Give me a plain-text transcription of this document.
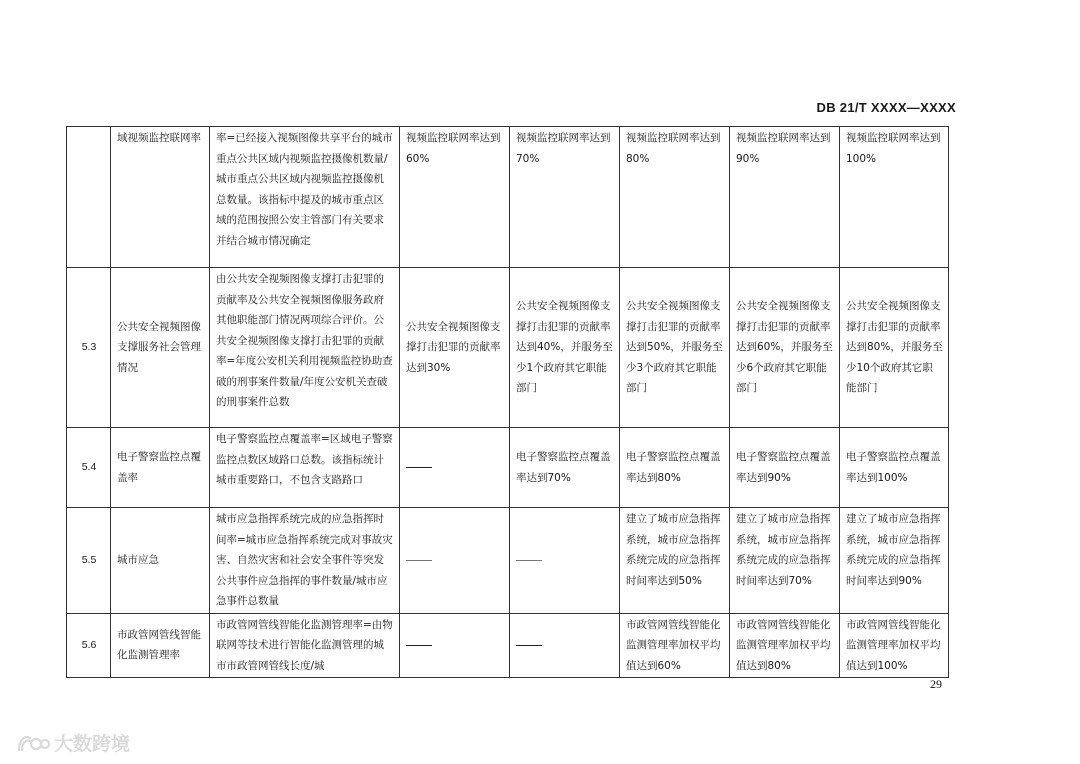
DB 21/T XXXX—XXXX
	域视频监控联网率	率=已经接入视频图像共享平台的城市重点公共区域内视频监控摄像机数量/城市重点公共区域内视频监控摄像机总数量。该指标中提及的城市重点区域的范围按照公安主管部门有关要求并结合城市情况确定	视频监控联网率达到60%	视频监控联网率达到70%	视频监控联网率达到80%	视频监控联网率达到90%	视频监控联网率达到100%
5.3	公共安全视频图像支撑服务社会管理情况	由公共安全视频图像支撑打击犯罪的贡献率及公共安全视频图像服务政府其他职能部门情况两项综合评价。公共安全视频图像支撑打击犯罪的贡献率=年度公安机关利用视频监控协助查破的刑事案件数量/年度公安机关查破的刑事案件总数	公共安全视频图像支撑打击犯罪的贡献率达到30%	公共安全视频图像支撑打击犯罪的贡献率达到40%，并服务至少1个政府其它职能部门	公共安全视频图像支撑打击犯罪的贡献率达到50%，并服务至少3个政府其它职能部门	公共安全视频图像支撑打击犯罪的贡献率达到60%，并服务至少6个政府其它职能部门	公共安全视频图像支撑打击犯罪的贡献率达到80%，并服务至少10个政府其它职能部门
5.4	电子警察监控点覆盖率	电子警察监控点覆盖率=区域电子警察监控点数区域路口总数。该指标统计城市重要路口，不包含支路路口		电子警察监控点覆盖率达到70%	电子警察监控点覆盖率达到80%	电子警察监控点覆盖率达到90%	电子警察监控点覆盖率达到100%
5.5	城市应急	城市应急指挥系统完成的应急指挥时间率=城市应急指挥系统完成对事故灾害、自然灾害和社会安全事件等突发公共事件应急指挥的事件数量/城市应急事件总数量			建立了城市应急指挥系统，城市应急指挥系统完成的应急指挥时间率达到50%	建立了城市应急指挥系统，城市应急指挥系统完成的应急指挥时间率达到70%	建立了城市应急指挥系统，城市应急指挥系统完成的应急指挥时间率达到90%
5.6	市政管网管线智能化监测管理率	市政管网管线智能化监测管理率=由物联网等技术进行智能化监测管理的城市市政管网管线长度/城			市政管网管线智能化监测管理率加权平均值达到60%	市政管网管线智能化监测管理率加权平均值达到80%	市政管网管线智能化监测管理率加权平均值达到100%
29
大数跨境
